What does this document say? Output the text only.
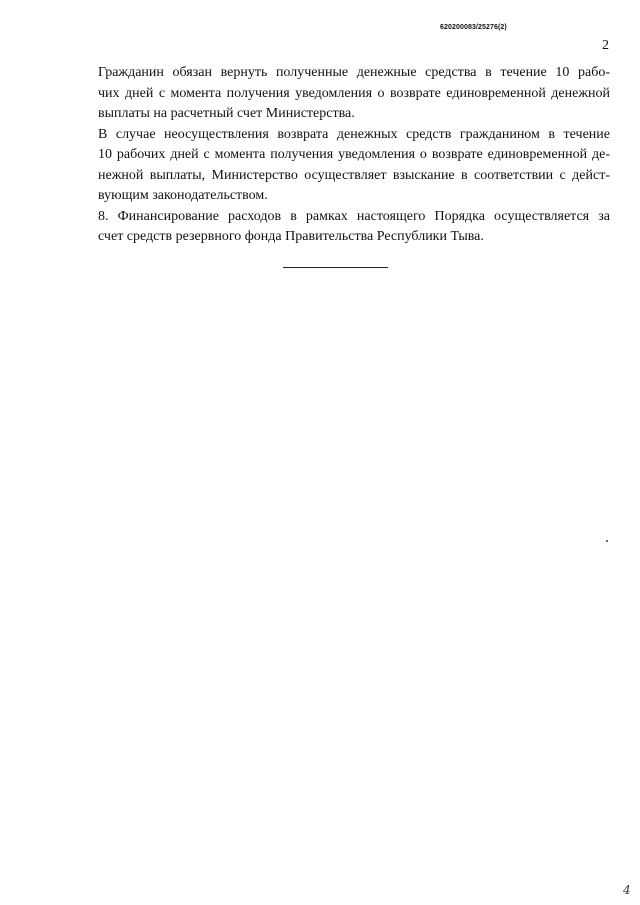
620200083/25276(2)
2

Гражданин обязан вернуть полученные денежные средства в течение 10 рабо-
чих дней с момента получения уведомления о возврате единовременной денежной
выплаты на расчетный счет Министерства.

В случае неосуществления возврата денежных средств гражданином в течение
10 рабочих дней с момента получения уведомления о возврате единовременной де-
нежной выплаты, Министерство осуществляет взыскание в соответствии с дейст-
вующим законодательством.

8. Финансирование расходов в рамках настоящего Порядка осуществляется за
счет средств резервного фонда Правительства Республики Тыва.

4
